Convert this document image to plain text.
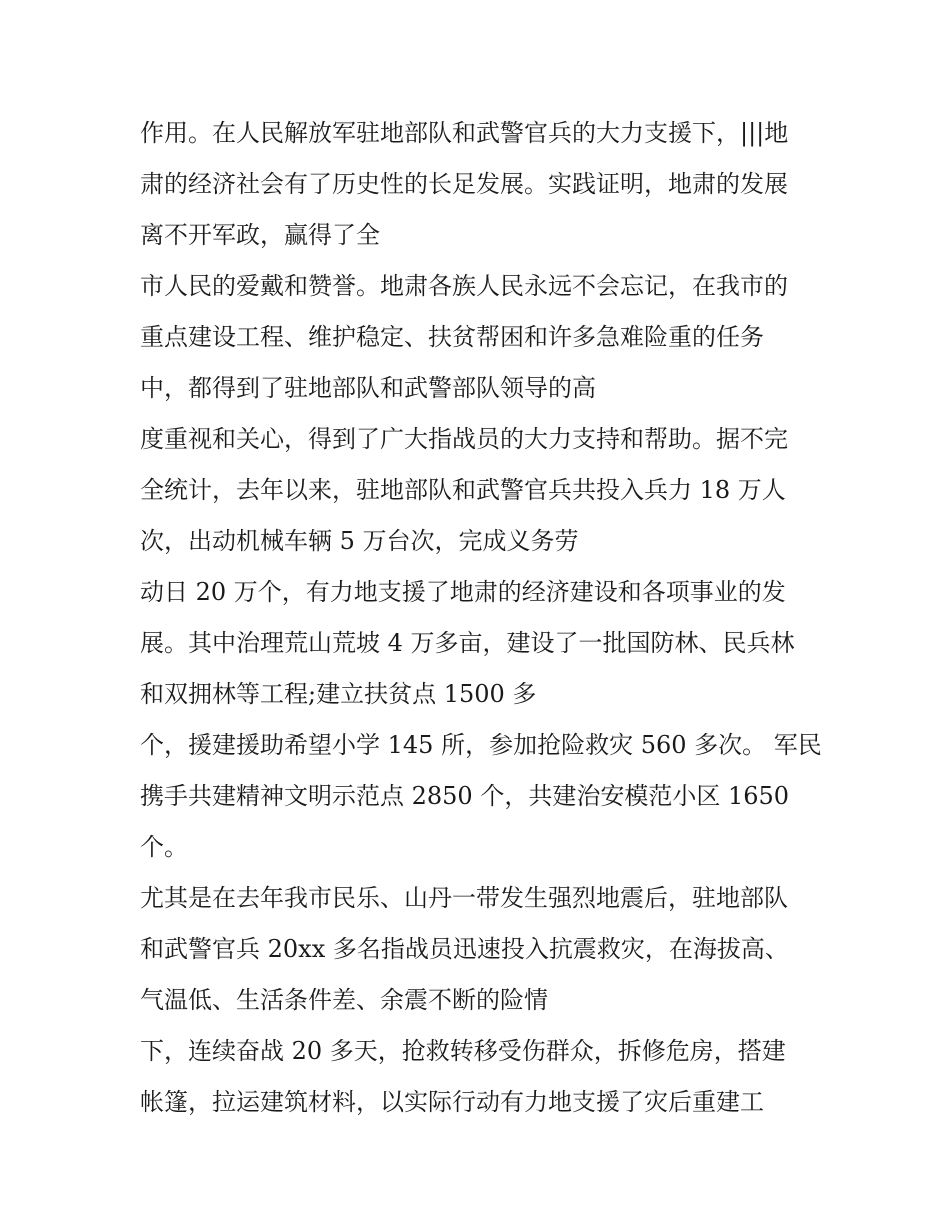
作用。在人民解放军驻地部队和武警官兵的大力支援下，|||地
肃的经济社会有了历史性的长足发展。实践证明，地肃的发展
离不开军政，赢得了全
市人民的爱戴和赞誉。地肃各族人民永远不会忘记，在我市的
重点建设工程、维护稳定、扶贫帮困和许多急难险重的任务
中，都得到了驻地部队和武警部队领导的高
度重视和关心，得到了广大指战员的大力支持和帮助。据不完
全统计，去年以来，驻地部队和武警官兵共投入兵力 18 万人
次，出动机械车辆 5 万台次，完成义务劳
动日 20 万个，有力地支援了地肃的经济建设和各项事业的发
展。其中治理荒山荒坡 4 万多亩，建设了一批国防林、民兵林
和双拥林等工程;建立扶贫点 1500 多
个，援建援助希望小学 145 所，参加抢险救灾 560 多次。 军民
携手共建精神文明示范点 2850 个，共建治安模范小区 1650
个。
尤其是在去年我市民乐、山丹一带发生强烈地震后，驻地部队
和武警官兵 20xx 多名指战员迅速投入抗震救灾，在海拔高、
气温低、生活条件差、余震不断的险情
下，连续奋战 20 多天，抢救转移受伤群众，拆修危房，搭建
帐篷，拉运建筑材料，以实际行动有力地支援了灾后重建工
